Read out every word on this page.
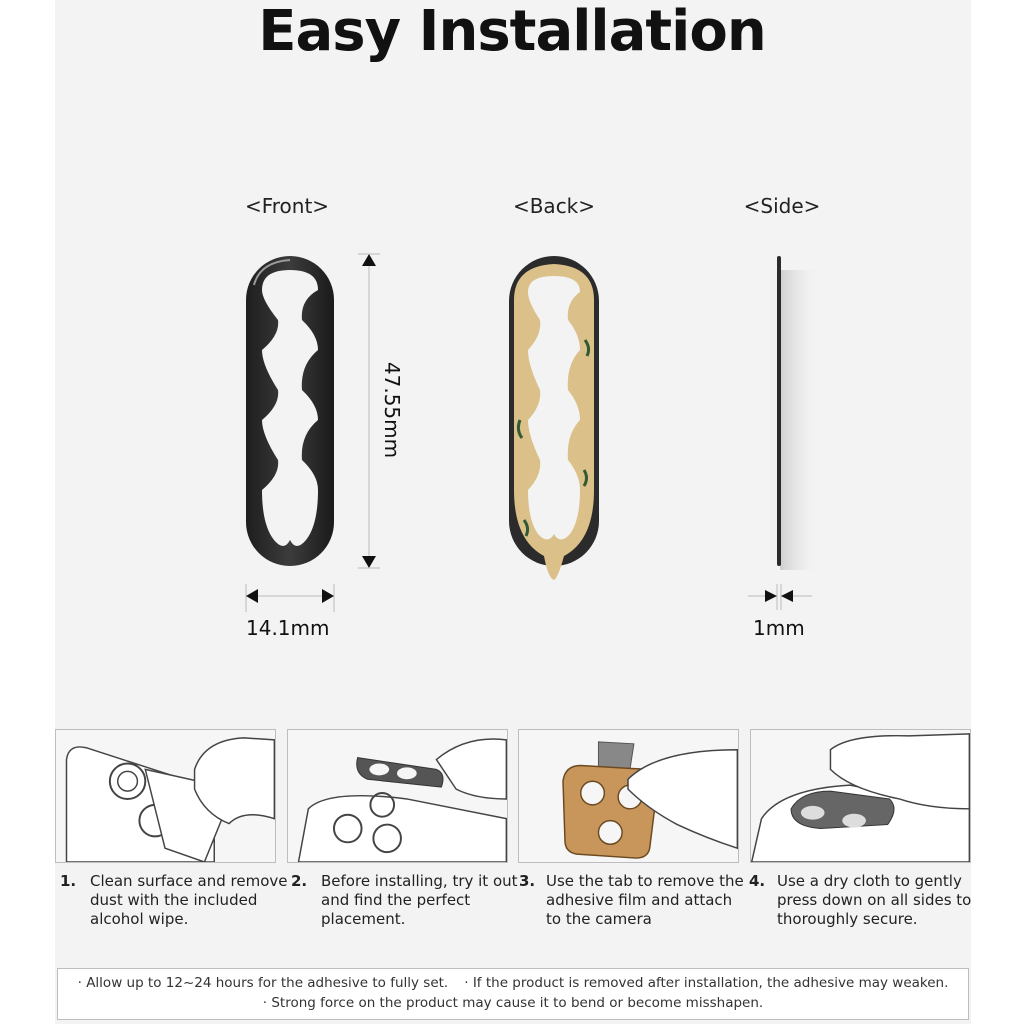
Easy Installation
<Front>	<Back>	<Side>
47.55mm
14.1mm	1mm
1. Clean surface and remove dust with the included alcohol wipe.
2. Before installing, try it out and find the perfect placement.
3. Use the tab to remove the adhesive film and attach to the camera
4. Use a dry cloth to gently press down on all sides to thoroughly secure.
· Allow up to 12~24 hours for the adhesive to fully set. · If the product is removed after installation, the adhesive may weaken.
· Strong force on the product may cause it to bend or become misshapen.
